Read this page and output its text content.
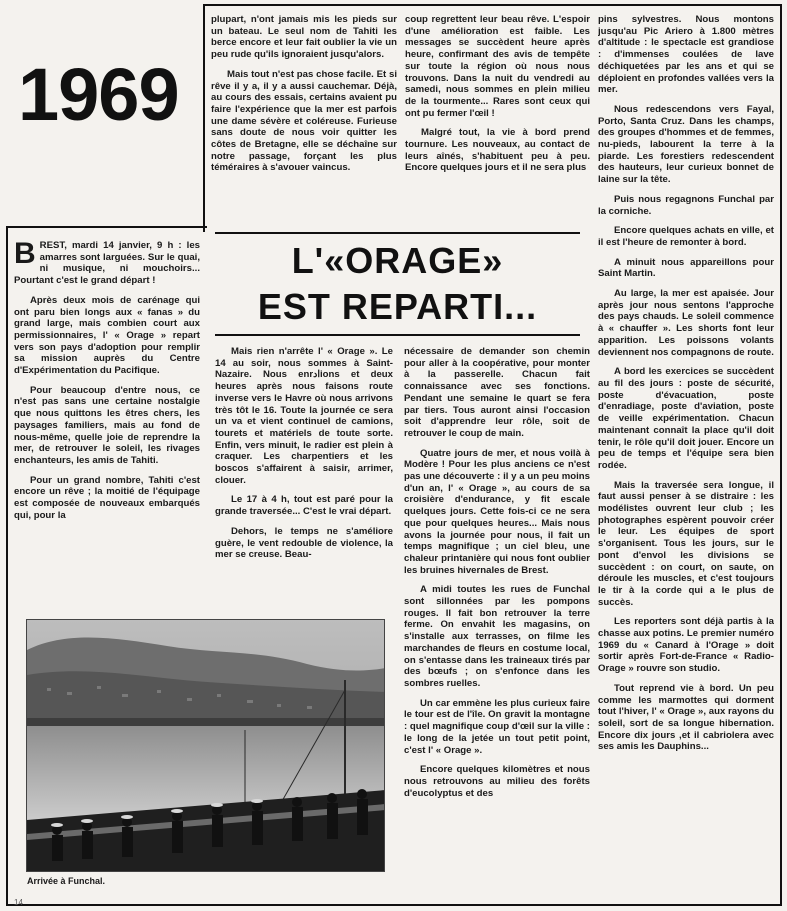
1969

plupart, n'ont jamais mis les pieds sur un bateau. Le seul nom de Tahiti les berce encore et leur fait oublier la vie un peu rude qu'ils ignoraient jusqu'alors.

Mais tout n'est pas chose facile. Et si rêve il y a, il y a aussi cauchemar. Déjà, au cours des essais, certains avaient pu faire l'expérience que la mer est parfois une dame sévère et coléreuse. Furieuse sans doute de nous voir quitter les côtes de Bretagne, elle se déchaîne sur notre passage, forçant les plus téméraires à s'avouer vaincus.

coup regrettent leur beau rêve. L'espoir d'une amélioration est faible. Les messages se succèdent heure après heure, confirmant des avis de tempête sur toute la région où nous nous trouvons. Dans la nuit du vendredi au samedi, nous sommes en plein milieu de la tourmente... Rares sont ceux qui ont pu fermer l'œil !

Malgré tout, la vie à bord prend tournure. Les nouveaux, au contact de leurs aînés, s'habituent peu à peu. Encore quelques jours et il ne sera plus

BREST, mardi 14 janvier, 9 h : les amarres sont larguées. Sur le quai, ni musique, ni mouchoirs... Pourtant c'est le grand départ !

Après deux mois de carénage qui ont paru bien longs aux « fanas » du grand large, mais combien court aux permissionnaires, l' « Orage » repart vers son pays d'adoption pour remplir sa mission auprès du Centre d'Expérimentation du Pacifique.

Pour beaucoup d'entre nous, ce n'est pas sans une certaine nostalgie que nous quittons les êtres chers, les paysages familiers, mais au fond de nous-même, quelle joie de reprendre la mer, de retrouver le soleil, les rivages enchanteurs, les amis de Tahiti.

Pour un grand nombre, Tahiti c'est encore un rêve ; la moitié de l'équipage est composée de nouveaux embarqués qui, pour la

L'«ORAGE»
EST REPARTI...

Mais rien n'arrête l' « Orage ». Le 14 au soir, nous sommes à Saint-Nazaire. Nous enrادions et deux heures après nous faisons route inverse vers le Havre où nous arrivons très tôt le 16. Toute la journée ce sera un va et vient continuel de camions, tourets et matériels de toute sorte. Enfin, vers minuit, le radier est plein à craquer. Les charpentiers et les boscos s'affairent à saisir, arrimer, clouer.

Le 17 à 4 h, tout est paré pour la grande traversée... C'est le vrai départ.

Dehors, le temps ne s'améliore guère, le vent redouble de violence, la mer se creuse. Beau-

nécessaire de demander son chemin pour aller à la coopérative, pour monter à la passerelle. Chacun fait connaissance avec ses fonctions. Pendant une semaine le quart se fera par tiers. Tous auront ainsi l'occasion soit d'apprendre leur rôle, soit de retrouver le coup de main.

Quatre jours de mer, et nous voilà à Modère ! Pour les plus anciens ce n'est pas une découverte : il y a un peu moins d'un an, l' « Orage », au cours de sa croisière d'endurance, y fit escale quelques jours. Cette fois-ci ce ne sera que pour quelques heures... Mais nous avons la journée pour nous, il fait un temps magnifique ; un ciel bleu, une chaleur printanière qui nous font oublier les bruines hivernales de Brest.

A midi toutes les rues de Funchal sont sillonnées par les pompons rouges. Il fait bon retrouver la terre ferme. On envahit les magasins, on s'installe aux terrasses, on filme les marchandes de fleurs en costume local, on s'entasse dans les traineaux tirés par des bœufs ; on s'enfonce dans les sombres ruelles.

Un car emmène les plus curieux faire le tour est de l'île. On gravit la montagne : quel magnifique coup d'œil sur la ville : le long de la jetée un tout petit point, c'est l' « Orage ».

Encore quelques kilomètres et nous nous retrouvons au milieu des forêts d'eucolyptus et des

pins sylvestres. Nous montons jusqu'au Pic Ariero à 1.800 mètres d'altitude : le spectacle est grandiose : d'immenses coulées de lave déchiquetées par les ans et qui se déploient en profondes vallées vers la mer.

Nous redescendons vers Fayal, Porto, Santa Cruz. Dans les champs, des groupes d'hommes et de femmes, nu-pieds, labourent la terre à la piarde. Les forestiers redescendent des hauteurs, leur curieux bonnet de laine sur la tête.

Puis nous regagnons Funchal par la corniche.

Encore quelques achats en ville, et il est l'heure de remonter à bord.

A minuit nous appareillons pour Saint Martin.

Au large, la mer est apaisée. Jour après jour nous sentons l'approche des pays chauds. Le soleil commence à « chauffer ». Les shorts font leur apparition. Les poissons volants deviennent nos compagnons de route.

A bord les exercices se succèdent au fil des jours : poste de sécurité, poste d'évacuation, poste d'enradiage, poste d'aviation, poste de veille expérimentation. Chacun maintenant connaît la place qu'il doit tenir, le rôle qu'il doit jouer. Encore un peu de temps et l'équipe sera bien rodée.

Mais la traversée sera longue, il faut aussi penser à se distraire : les modélistes ouvrent leur club ; les photographes espèrent pouvoir créer le leur. Les équipes de sport s'organisent. Tous les jours, sur le pont d'envol les divisions se succèdent : on court, on saute, on déroule les muscles, et c'est toujours le tir à la corde qui a le plus de succès.

Les reporters sont déjà partis à la chasse aux potins. Le premier numéro 1969 du « Canard à l'Orage » doit sortir après Fort-de-France « Radio-Orage » rouvre son studio.

Tout reprend vie à bord. Un peu comme les marmottes qui dorment tout l'hiver, l' « Orage », aux rayons du soleil, sort de sa longue hibernation. Encore dix jours ,et il cabriolera avec ses amis les Dauphins...

Arrivée à Funchal.
14
